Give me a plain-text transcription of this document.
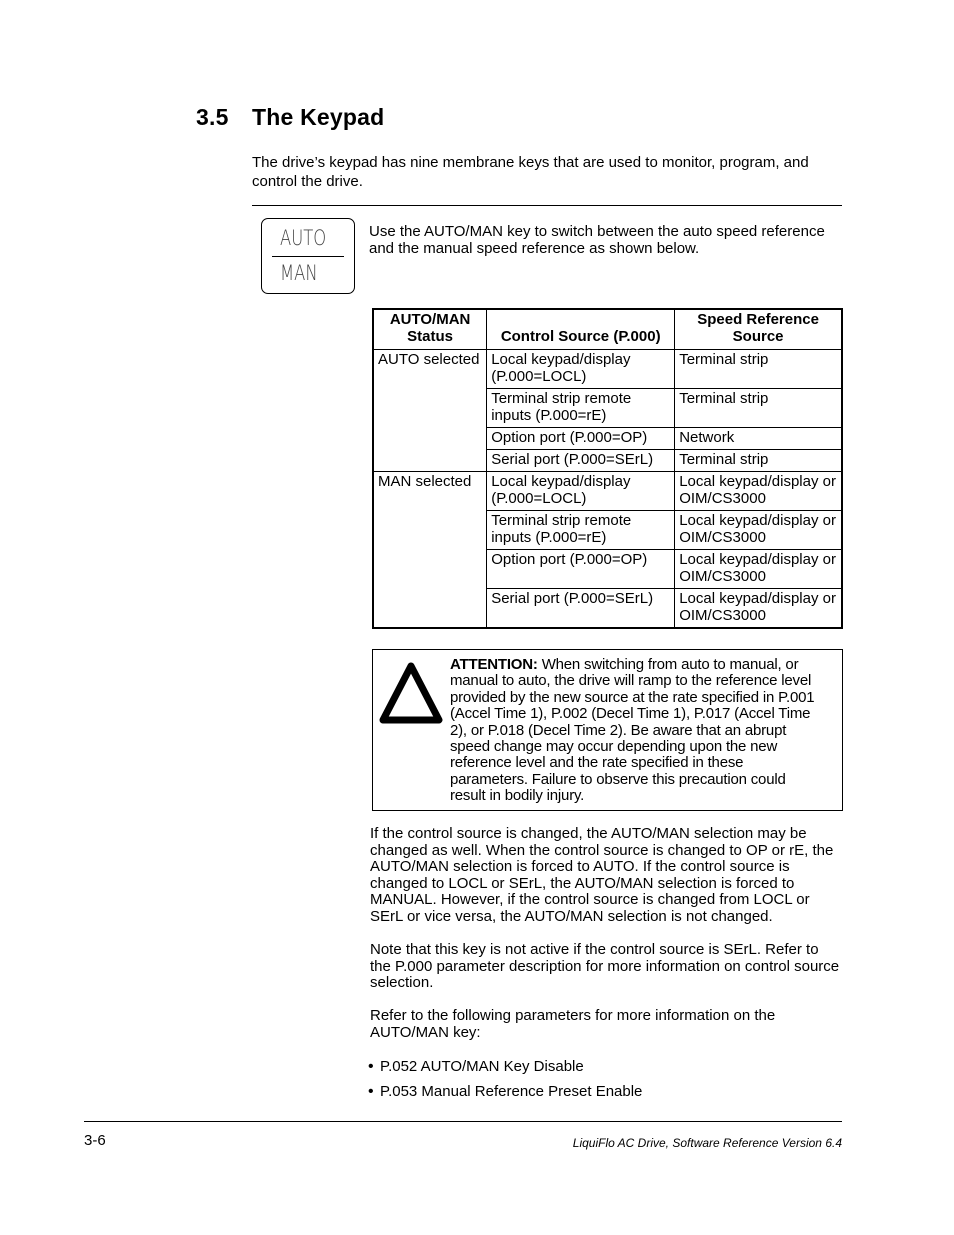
3.5 The Keypad
The drive’s keypad has nine membrane keys that are used to monitor, program, and control the drive.
AUTO
MAN
Use the AUTO/MAN key to switch between the auto speed reference and the manual speed reference as shown below.
AUTO/MAN Status	Control Source (P.000)	Speed Reference Source
AUTO selected	Local keypad/display (P.000=LOCL)	Terminal strip
	Terminal strip remote inputs (P.000=rE)	Terminal strip
	Option port (P.000=OP)	Network
	Serial port (P.000=SErL)	Terminal strip
MAN selected	Local keypad/display (P.000=LOCL)	Local keypad/display or OIM/CS3000
	Terminal strip remote inputs (P.000=rE)	Local keypad/display or OIM/CS3000
	Option port (P.000=OP)	Local keypad/display or OIM/CS3000
	Serial port (P.000=SErL)	Local keypad/display or OIM/CS3000
ATTENTION: When switching from auto to manual, or manual to auto, the drive will ramp to the reference level provided by the new source at the rate specified in P.001 (Accel Time 1), P.002 (Decel Time 1), P.017 (Accel Time 2), or P.018 (Decel Time 2). Be aware that an abrupt speed change may occur depending upon the new reference level and the rate specified in these parameters. Failure to observe this precaution could result in bodily injury.
If the control source is changed, the AUTO/MAN selection may be changed as well. When the control source is changed to OP or rE, the AUTO/MAN selection is forced to AUTO. If the control source is changed to LOCL or SErL, the AUTO/MAN selection is forced to MANUAL. However, if the control source is changed from LOCL or SErL or vice versa, the AUTO/MAN selection is not changed.
Note that this key is not active if the control source is SErL. Refer to the P.000 parameter description for more information on control source selection.
Refer to the following parameters for more information on the AUTO/MAN key:
• P.052 AUTO/MAN Key Disable
• P.053 Manual Reference Preset Enable
3-6	LiquiFlo AC Drive, Software Reference Version 6.4
